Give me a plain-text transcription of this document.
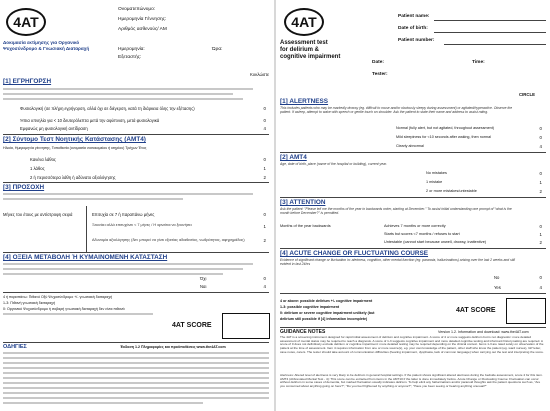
4AT
Δοκιμασία εκτίμησης για Οργανικό
Ψυχοσύνδρομο & Γνωσιακή Διαταραχή
Ονοματεπώνυμο:
Ημερομηνία Γέννησης:
Αριθμός ασθενούς/ ΑΜ
Ημερομηνία:	Ώρα:
Εξεταστής:
Κυκλώστε
[1] ΕΓΡΗΓΟΡΣΗ
Φυσιολογική (σε πλήρη εγρήγορση, αλλά όχι σε διέγερση, κατά τη διάρκεια όλης την εξέτασης)	0
Ήπια υπνηλία για < 10 δευτερόλεπτα μετά την αφύπνιση, μετά φυσιολογικά	0
Εμφανώς μη φυσιολογική αντίδραση	4
[2] Σύντομο Τεστ Νοητικής Κατάστασης (AMT4)
Ηλικία, Ημερομηνία γέννησης, Τοποθεσία (ονομασία νοσοκομείου ή κτηρίου) Τρέχων Έτος
Κανένα λάθος	0
1 λάθος	1
2 ή περισσότερα λάθη ή αδύνατο αξιολόγησης	2
[3] ΠΡΟΣΟΧΗ
Μήνες του έτους με αντίστροφη σειρά	Επιτυχία σε 7 ή παραπάνω μήνες	0
Ξεκινάει αλλά επιτυχάνει < 7 μήνες / Η αρνείται να ξεκινήσει	1
Αδυναμία αξιολόγησης (δεν μπορεί να γίνει εξαιτίας αδιαθεσίας, νωθρότητας, αφηρημάδας)	2
[4] ΟΞΕΙΑ ΜΕΤΑΒΟΛΗ Ή ΚΥΜΑΙΝΟΜΕΝΗ ΚΑΤΑΣΤΑΣΗ
Όχι	0
Ναι	4
4 ή παραπάνω: Πιθανό Οξύ Ψυχοσύνδρομο +/- γνωσιακή διαταραχή
1-3: Πιθανή γνωσιακή διαταραχή
0: Οργανικό Ψυχοσύνδρομο ή σοβαρή γνωσιακή διαταραχή δεν είναι πιθανά
4AT SCORE
ΟΔΗΓΙΕΣ	Έκδοση 1.2 Πληροφορίες και προϋποθέσεις www.the4AT.com
4AT
Assessment test
for delirium &
cognitive impairment
Patient name:
Date of birth:
Patient number:
Date:	Time:
Tester:
CIRCLE
[1] ALERTNESS
This includes patients who may be markedly drowsy (eg. difficult to rouse and/or obviously sleepy during assessment) or agitated/hyperactive. Observe the patient. If asleep, attempt to wake with speech or gentle touch on shoulder. Ask the patient to state their name and address to assist rating.
Normal (fully alert, but not agitated, throughout assessment)	0
Mild sleepiness for <10 seconds after waking, then normal	0
Clearly abnormal	4
[2] AMT4
Age, date of birth, place (name of the hospital or building), current year.
No mistakes	0
1 mistake	1
2 or more mistakes/untestable	2
[3] ATTENTION
Ask the patient: "Please tell me the months of the year in backwards order, starting at December." To assist initial understanding one prompt of "what is the month before December?" is permitted.
Months of the year backwards	Achieves 7 months or more correctly	0
Starts but scores <7 months / refuses to start	1
Untestable (cannot start because unwell, drowsy, inattentive)	2
[4] ACUTE CHANGE OR FLUCTUATING COURSE
Evidence of significant change or fluctuation in: alertness, cognition, other mental function (eg. paranoia, hallucinations) arising over the last 2 weeks and still evident in last 24hrs
No	0
Yes	4
4 or above: possible delirium +/- cognitive impairment
1-3: possible cognitive impairment
0: delirium or severe cognitive impairment unlikely (but
delirium still possible if [4] information incomplete)
4AT SCORE
GUIDANCE NOTES	Version 1.2. Information and download: www.the4AT.com
The 4AT is a screening instrument designed for rapid initial assessment of delirium and cognitive impairment. A score of 4 or more suggests delirium but is not diagnostic: more detailed assessment of mental status may be required to reach a diagnosis. A score of 1-3 suggests cognitive impairment and more detailed cognitive testing and informant history-taking are required. A score of 0 does not definitively exclude delirium or cognitive impairment: more detailed testing may be required depending on the clinical context. Items 1-3 are rated solely on observation of the patient at the time of assessment. Item 4 requires information from one or more source(s), eg. your own knowledge of the patient, other staff who know the patient (eg. ward nurses), GP letter, case notes, carers. The tester should take account of communication difficulties (hearing impairment, dysphasia, lack of common language) when carrying out the test and interpreting the score.
Alertness: Altered level of alertness is very likely to be delirium in general hospital settings. If the patient shows significant altered alertness during the bedside assessment, score 4 for this item. AMT4 (Abbreviated Mental Test - 4): This score can be extracted from items in the AMT10 if the latter is done immediately before. Acute Change or Fluctuating Course: Fluctuation can occur without delirium in some cases of dementia, but marked fluctuation usually indicates delirium. To help elicit any hallucinations and/or paranoid thoughts ask the patient questions such as, "Are you concerned about anything going on here?"; "Do you feel frightened by anything or anyone?"; "Have you been seeing or hearing anything unusual?"
